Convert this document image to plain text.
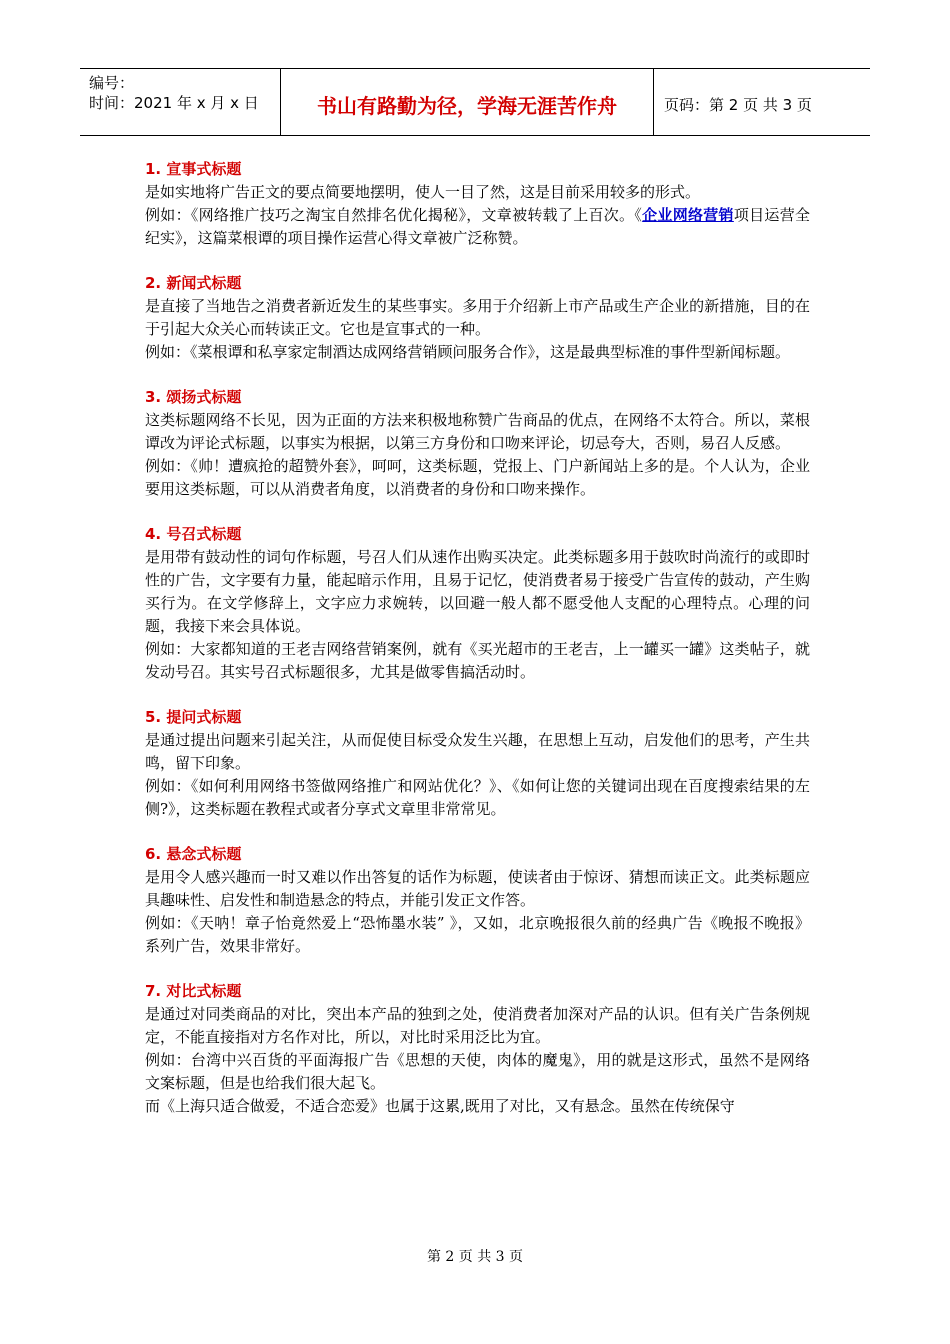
编号：
时间：2021 年 x 月 x 日	书山有路勤为径，学海无涯苦作舟	页码：第 2 页 共 3 页

1. 宣事式标题

是如实地将广告正文的要点简要地摆明，使人一目了然，这是目前采用较多的形式。

例如：《网络推广技巧之淘宝自然排名优化揭秘》，文章被转载了上百次。《企业网络营销项目运营全纪实》，这篇菜根谭的项目操作运营心得文章被广泛称赞。

2. 新闻式标题

是直接了当地告之消费者新近发生的某些事实。多用于介绍新上市产品或生产企业的新措施，目的在于引起大众关心而转读正文。它也是宣事式的一种。

例如：《菜根谭和私享家定制酒达成网络营销顾问服务合作》，这是最典型标准的事件型新闻标题。

3. 颂扬式标题

这类标题网络不长见，因为正面的方法来积极地称赞广告商品的优点，在网络不太符合。所以，菜根谭改为评论式标题，以事实为根据，以第三方身份和口吻来评论，切忌夸大，否则，易召人反感。

例如：《帅！遭疯抢的超赞外套》，呵呵，这类标题，党报上、门户新闻站上多的是。个人认为，企业要用这类标题，可以从消费者角度，以消费者的身份和口吻来操作。

4. 号召式标题

是用带有鼓动性的词句作标题，号召人们从速作出购买决定。此类标题多用于鼓吹时尚流行的或即时性的广告，文字要有力量，能起暗示作用，且易于记忆，使消费者易于接受广告宣传的鼓动，产生购买行为。在文学修辞上，文字应力求婉转，以回避一般人都不愿受他人支配的心理特点。心理的问题，我接下来会具体说。

例如：大家都知道的王老吉网络营销案例，就有《买光超市的王老吉，上一罐买一罐》这类帖子，就发动号召。其实号召式标题很多，尤其是做零售搞活动时。

5. 提问式标题

是通过提出问题来引起关注，从而促使目标受众发生兴趣，在思想上互动，启发他们的思考，产生共鸣，留下印象。

例如：《如何利用网络书签做网络推广和网站优化？》、《如何让您的关键词出现在百度搜索结果的左侧?》，这类标题在教程式或者分享式文章里非常常见。

6. 悬念式标题

是用令人感兴趣而一时又难以作出答复的话作为标题，使读者由于惊讶、猜想而读正文。此类标题应具趣味性、启发性和制造悬念的特点，并能引发正文作答。

例如：《天呐！章子怡竟然爱上“恐怖墨水装” 》，又如，北京晚报很久前的经典广告《晚报不晚报》系列广告，效果非常好。

7. 对比式标题

是通过对同类商品的对比，突出本产品的独到之处，使消费者加深对产品的认识。但有关广告条例规定，不能直接指对方名作对比，所以，对比时采用泛比为宜。

例如：台湾中兴百货的平面海报广告《思想的天使，肉体的魔鬼》，用的就是这形式，虽然不是网络文案标题，但是也给我们很大起飞。

而《上海只适合做爱，不适合恋爱》也属于这累,既用了对比，又有悬念。虽然在传统保守

第 2 页 共 3 页
